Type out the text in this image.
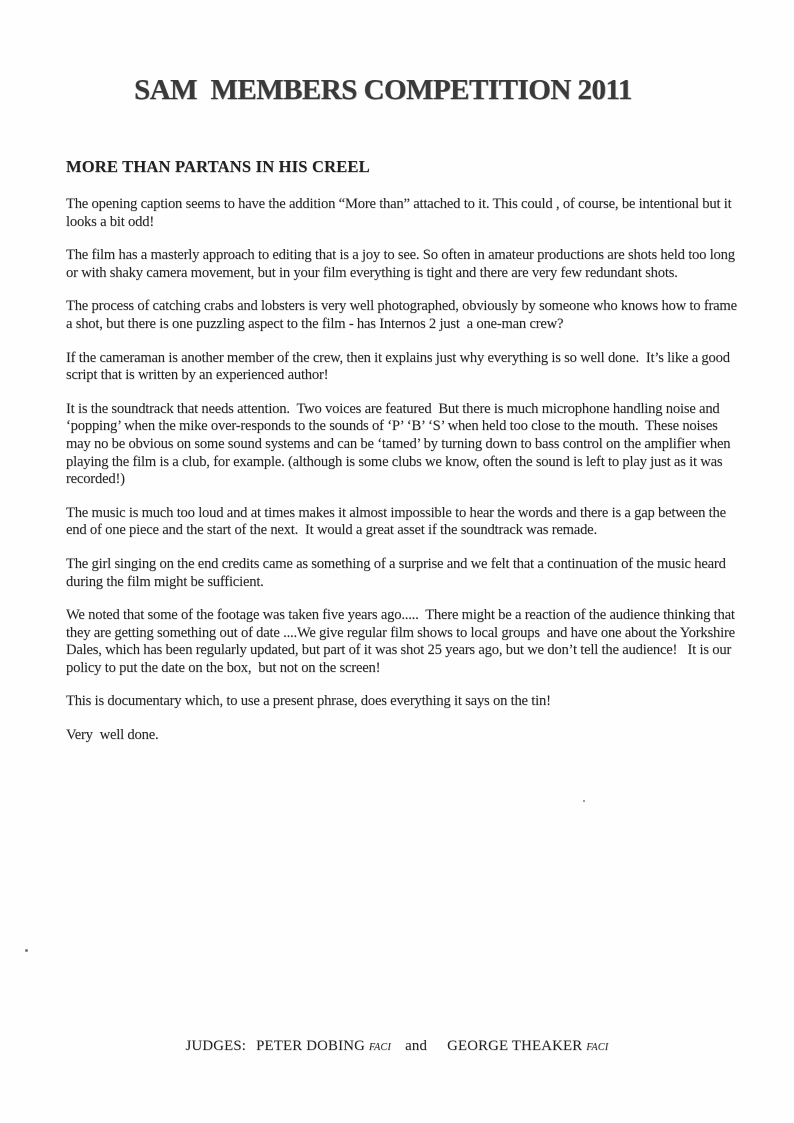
SAM  MEMBERS COMPETITION 2011
MORE THAN PARTANS IN HIS CREEL

The opening caption seems to have the addition “More than” attached to it. This could , of course, be intentional but it looks a bit odd!

The film has a masterly approach to editing that is a joy to see. So often in amateur productions are shots held too long or with shaky camera movement, but in your film everything is tight and there are very few redundant shots.

The process of catching crabs and lobsters is very well photographed, obviously by someone who knows how to frame a shot, but there is one puzzling aspect to the film - has Internos 2 just  a one-man crew?

If the cameraman is another member of the crew, then it explains just why everything is so well done.  It’s like a good script that is written by an experienced author!

It is the soundtrack that needs attention.  Two voices are featured  But there is much microphone handling noise and ‘popping’ when the mike over-responds to the sounds of ‘P’ ‘B’ ‘S’ when held too close to the mouth.  These noises may no be obvious on some sound systems and can be ‘tamed’ by turning down to bass control on the amplifier when playing the film is a club, for example. (although is some clubs we know, often the sound is left to play just as it was recorded!)

The music is much too loud and at times makes it almost impossible to hear the words and there is a gap between the end of one piece and the start of the next.  It would a great asset if the soundtrack was remade.

The girl singing on the end credits came as something of a surprise and we felt that a continuation of the music heard during the film might be sufficient.

We noted that some of the footage was taken five years ago.....  There might be a reaction of the audience thinking that they are getting something out of date ....We give regular film shows to local groups  and have one about the Yorkshire Dales, which has been regularly updated, but part of it was shot 25 years ago, but we don’t tell the audience!   It is our policy to put the date on the box,  but not on the screen!

This is documentary which, to use a present phrase, does everything it says on the tin!

Very  well done.

JUDGES: PETER DOBING FACI and GEORGE THEAKER FACI
